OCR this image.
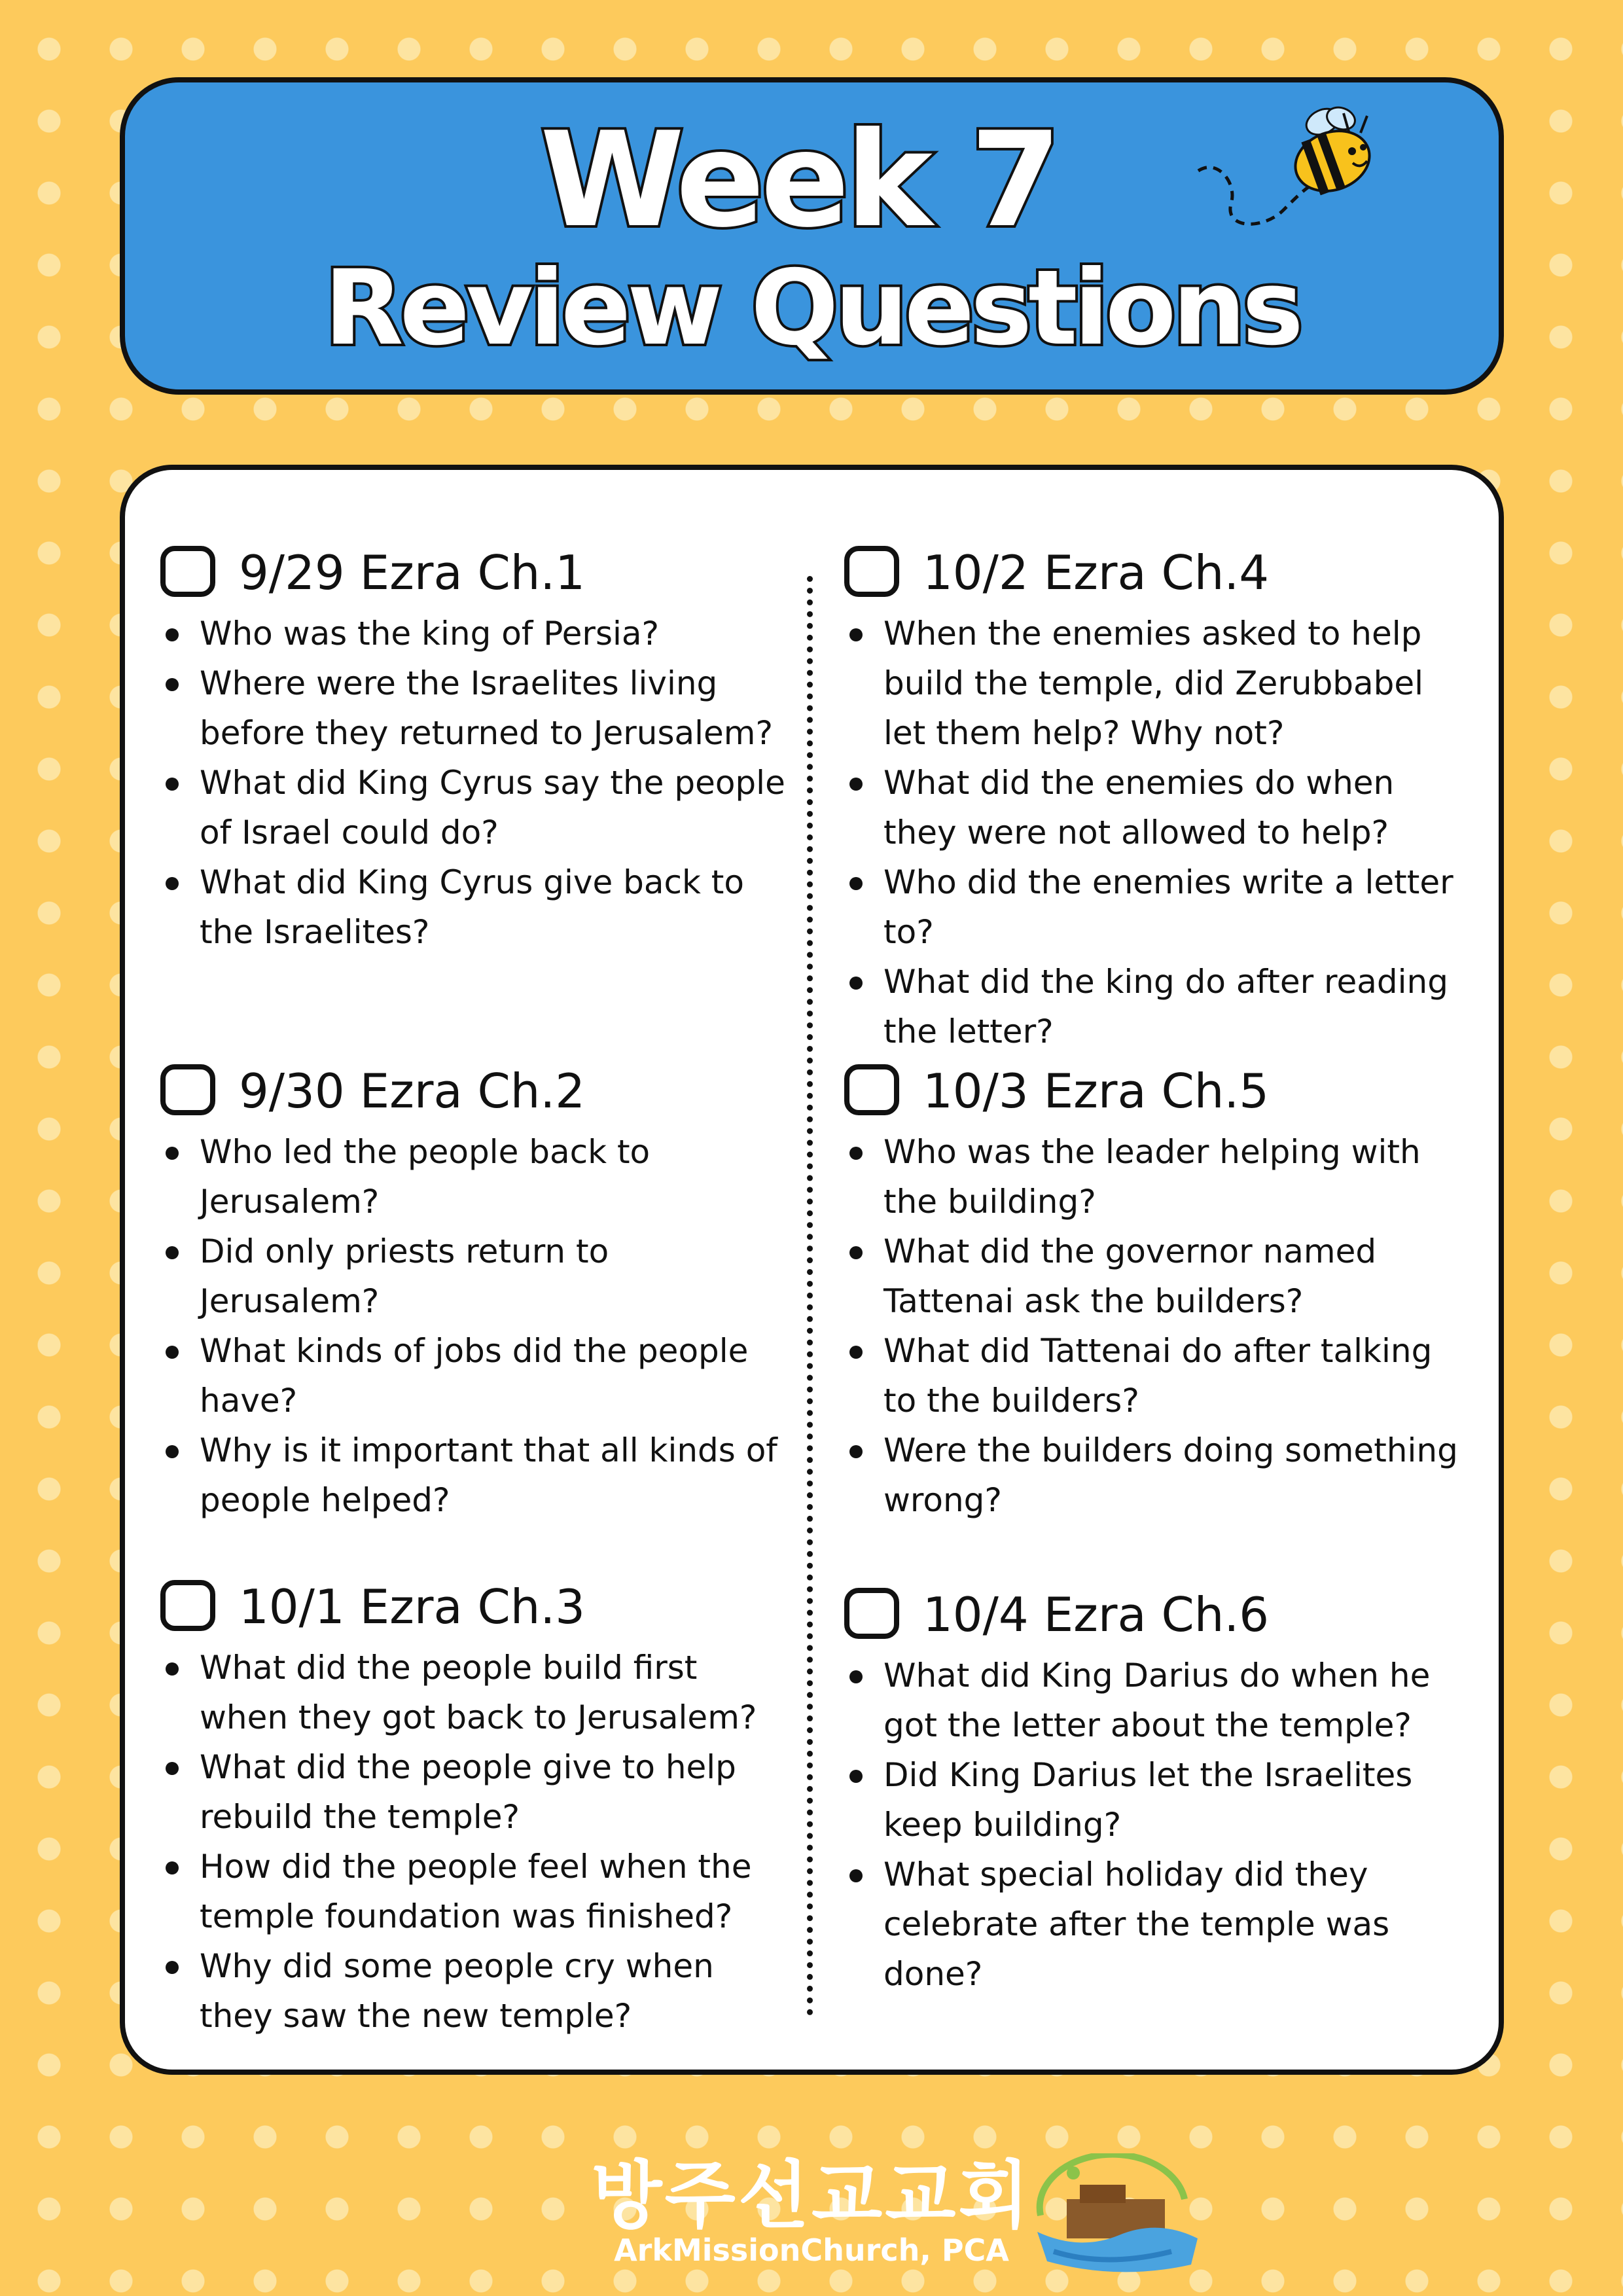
Week 7
Review Questions
9/29 Ezra Ch.1
Who was the king of Persia?
Where were the Israelites living before they returned to Jerusalem?
What did King Cyrus say the people of Israel could do?
What did King Cyrus give back to the Israelites?
9/30 Ezra Ch.2
Who led the people back to Jerusalem?
Did only priests return to Jerusalem?
What kinds of jobs did the people have?
Why is it important that all kinds of people helped?
10/1 Ezra Ch.3
What did the people build first when they got back to Jerusalem?
What did the people give to help rebuild the temple?
How did the people feel when the temple foundation was finished?
Why did some people cry when they saw the new temple?
10/2 Ezra Ch.4
When the enemies asked to help build the temple, did Zerubbabel let them help? Why not?
What did the enemies do when they were not allowed to help?
Who did the enemies write a letter to?
What did the king do after reading the letter?
10/3 Ezra Ch.5
Who was the leader helping with the building?
What did the governor named Tattenai ask the builders?
What did Tattenai do after talking to the builders?
Were the builders doing something wrong?
10/4 Ezra Ch.6
What did King Darius do when he got the letter about the temple?
Did King Darius let the Israelites keep building?
What special holiday did they celebrate after the temple was done?
방주선교교회
ArkMissionChurch, PCA
